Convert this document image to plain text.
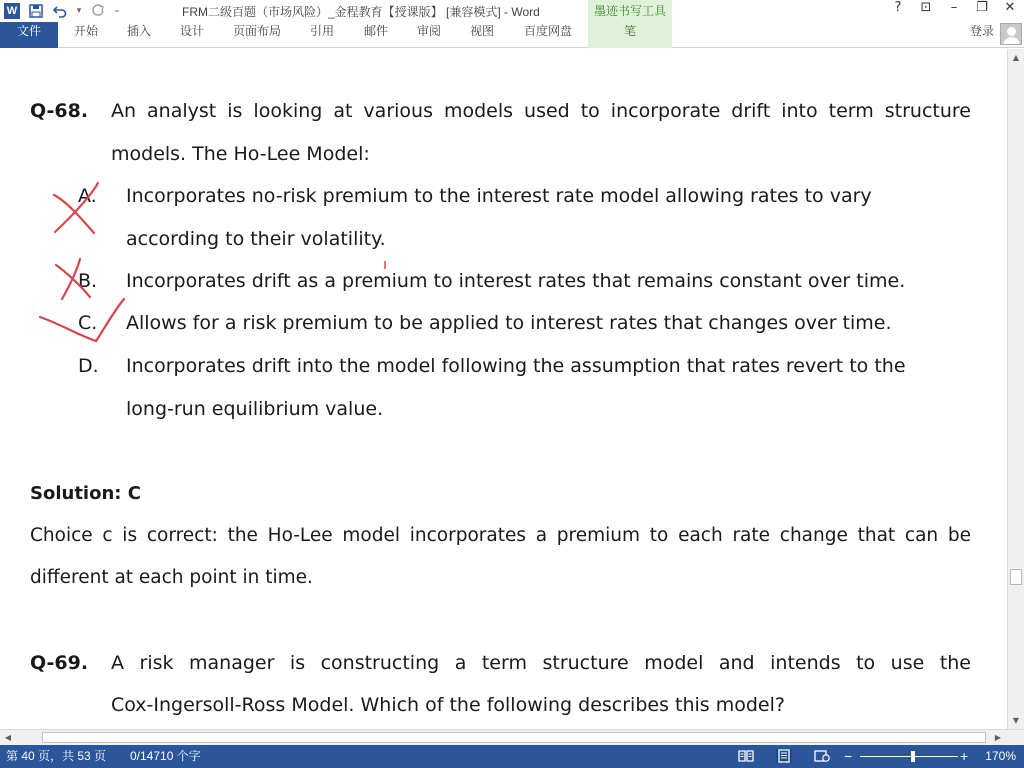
W	▾	₌	FRM二级百题（市场风险）_金程教育【授课版】 [兼容模式] - Word	墨迹书写工具	?	⊡	–	❐	✕
文件	开始	插入	设计	页面布局	引用	邮件	审阅	视图	百度网盘	笔	登录
Q-68. An analyst is looking at various models used to incorporate drift into term structure
models. The Ho-Lee Model:
A. Incorporates no-risk premium to the interest rate model allowing rates to vary
according to their volatility.
B. Incorporates drift as a premium to interest rates that remains constant over time.
C. Allows for a risk premium to be applied to interest rates that changes over time.
D. Incorporates drift into the model following the assumption that rates revert to the
long-run equilibrium value.
Solution: C
Choice c is correct: the Ho-Lee model incorporates a premium to each rate change that can be
different at each point in time.
Q-69. A risk manager is constructing a term structure model and intends to use the
Cox-Ingersoll-Ross Model. Which of the following describes this model?
▲
▼
◀	▶
第 40 页，共 53 页 0/14710 个字	−	+ 170%
